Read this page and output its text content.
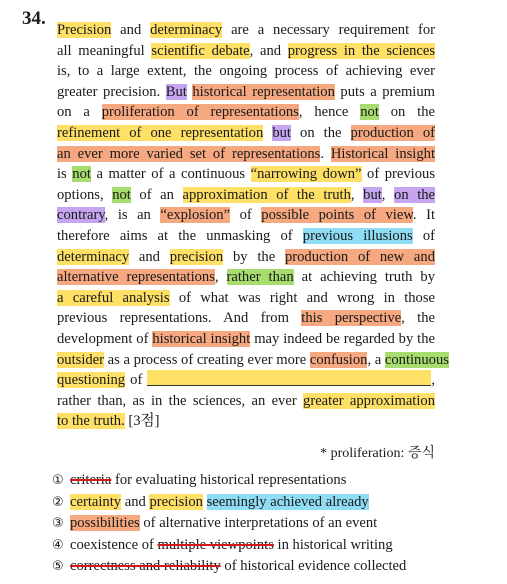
34.
Precision and determinacy are a necessary requirement for
all meaningful scientific debate, and progress in the sciences
is, to a large extent, the ongoing process of achieving ever
greater precision. But historical representation puts a premium
on a proliferation of representations, hence not on the
refinement of one representation but on the production of
an ever more varied set of representations. Historical insight
is not a matter of a continuous “narrowing down” of previous
options, not of an approximation of the truth, but, on the
contrary, is an “explosion” of possible points of view. It
therefore aims at the unmasking of previous illusions of
determinacy and precision by the production of new and
alternative representations, rather than at achieving truth by
a careful analysis of what was right and wrong in those
previous representations. And from this perspective, the
development of historical insight may indeed be regarded by the
outsider as a process of creating ever more confusion, a continuous
questioning of	,
rather than, as in the sciences, an ever greater approximation
to the truth. [3점]
* proliferation: 증식
① criteria for evaluating historical representations
② certainty and precision seemingly achieved already
③ possibilities of alternative interpretations of an event
④ coexistence of multiple viewpoints in historical writing
⑤ correctness and reliability of historical evidence collected
